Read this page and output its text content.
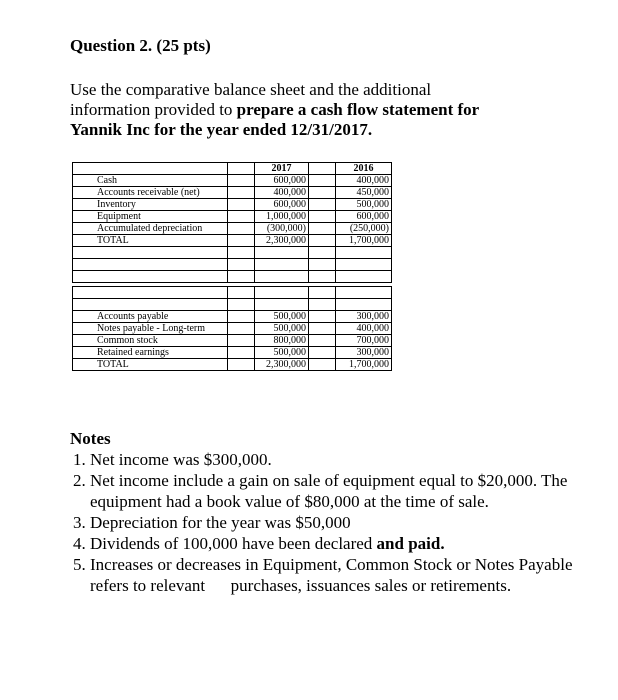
Question 2. (25 pts)
Use the comparative balance sheet and the additional
information provided to prepare a cash flow statement for
Yannik Inc for the year ended 12/31/2017.
		2017		2016
Cash		600,000		400,000
Accounts receivable (net)		400,000		450,000
Inventory		600,000		500,000
Equipment		1,000,000		600,000
Accumulated depreciation		(300,000)		(250,000)
TOTAL		2,300,000		1,700,000

Accounts payable		500,000		300,000
Notes payable - Long-term		500,000		400,000
Common stock		800,000		700,000
Retained earnings		500,000		300,000
TOTAL		2,300,000		1,700,000
Notes
1. Net income was $300,000.
2. Net income include a gain on sale of equipment equal to $20,000. The equipment had a book value of $80,000 at the time of sale.
3. Depreciation for the year was $50,000
4. Dividends of 100,000 have been declared and paid.
5. Increases or decreases in Equipment, Common Stock or Notes Payable refers to relevant      purchases, issuances sales or retirements.
